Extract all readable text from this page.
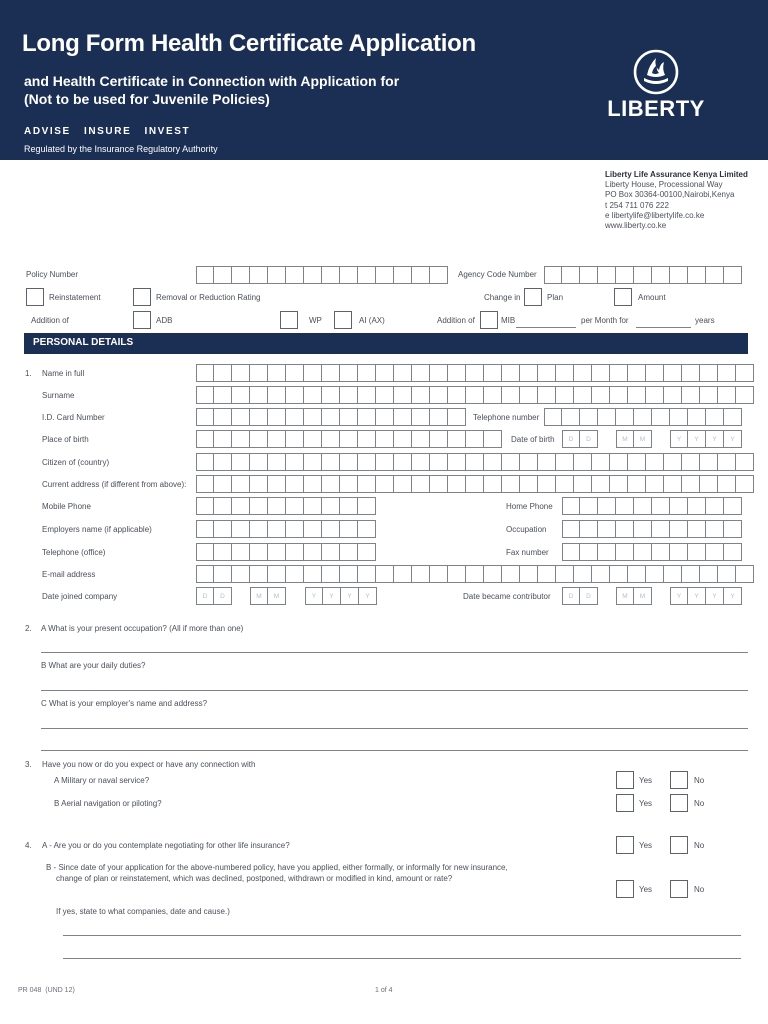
Long Form Health Certificate Application
and Health Certificate in Connection with Application for
(Not to be used for Juvenile Policies)
ADVISE   INSURE   INVEST
Regulated by the Insurance Regulatory Authority
LIBERTY
Liberty Life Assurance Kenya Limited
Liberty House, Processional Way
PO Box 30364-00100,Nairobi,Kenya
t 254 711 076 222
e libertylife@libertylife.co.ke
www.liberty.co.ke
Policy Number	Agency Code Number
Reinstatement	Removal or Reduction Rating	Change in	Plan	Amount
Addition of	ADB	WP	AI (AX)	Addition of	MIB	per Month for	years
PERSONAL DETAILS
1. Name in full
Surname
I.D. Card Number	Telephone number
Place of birth	Date of birth	D	D	M	M	Y	Y	Y	Y
Citizen of (country)
Current address (if different from above):
Mobile Phone	Home Phone
Employers name (if applicable)	Occupation
Telephone (office)	Fax number
E-mail address
Date joined company	D	D	M	M	Y	Y	Y	Y	Date became contributor	D	D	M	M	Y	Y	Y	Y
2. A What is your present occupation? (All if more than one)
B What are your daily duties?
C What is your employer's name and address?
3. Have you now or do you expect or have any connection with
A Military or naval service?	Yes	No
B Aerial navigation or piloting?	Yes	No
4. A - Are you or do you contemplate negotiating for other life insurance?	Yes	No
B - Since date of your application for the above-numbered policy, have you applied, either formally, or informally for new insurance,
change of plan or reinstatement, which was declined, postponed, withdrawn or modified in kind, amount or rate?
Yes	No
If yes, state to what companies, date and cause.)
PR 048  (UND 12)	1 of 4
